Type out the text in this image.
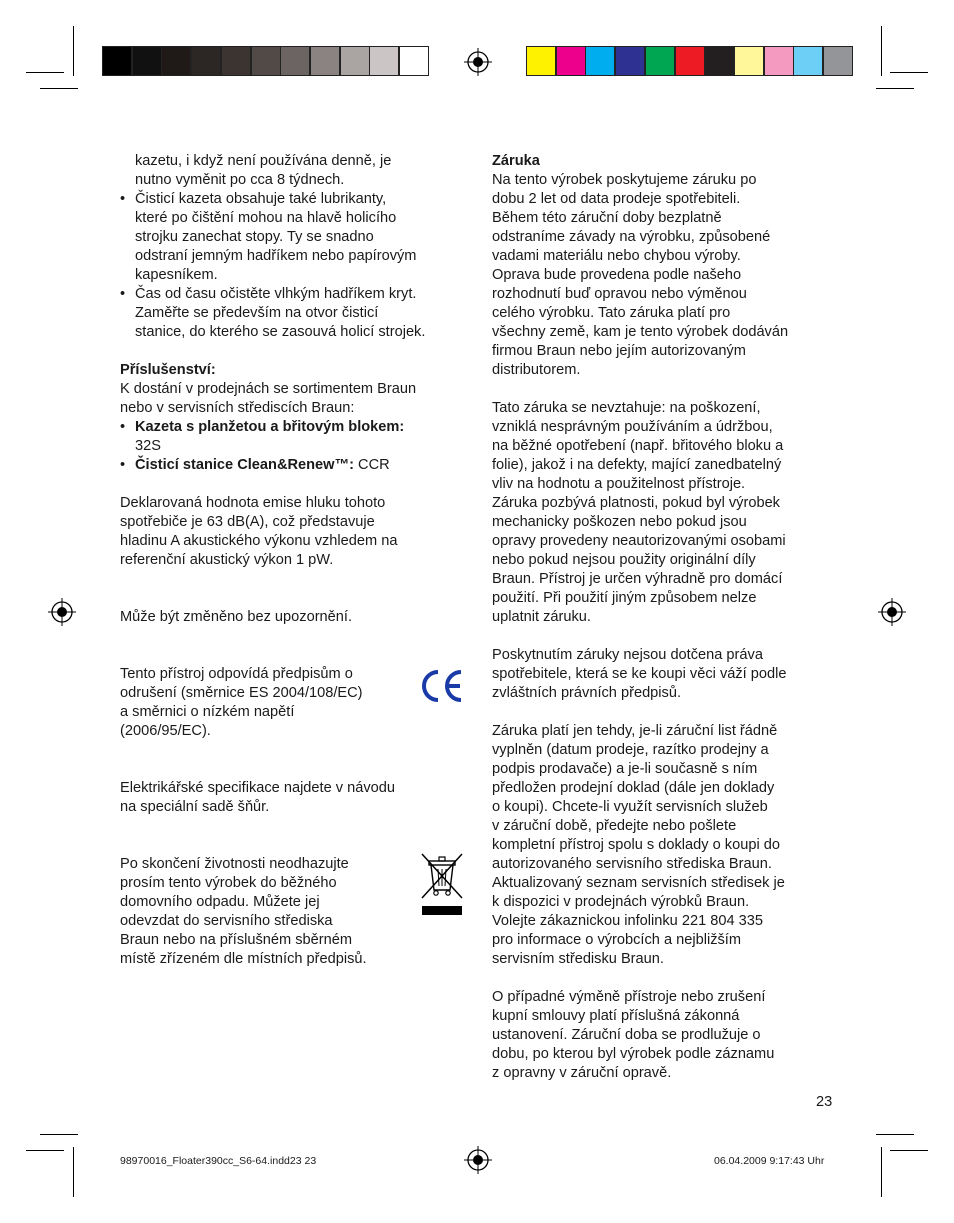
kazetu, i když není používána denně, je

nutno vyměnit po cca 8 týdnech.

• Čisticí kazeta obsahuje také lubrikanty,

které po čištění mohou na hlavě holicího

strojku zanechat stopy. Ty se snadno

odstraní jemným hadříkem nebo papírovým

kapesníkem.

• Čas od času očistěte vlhkým hadříkem kryt.

Zaměřte se především na otvor čisticí

stanice, do kterého se zasouvá holicí strojek.

Příslušenství:

K dostání v prodejnách se sortimentem Braun

nebo v servisních střediscích Braun:

• Kazeta s planžetou a břitovým blokem:

32S

• Čisticí stanice Clean&Renew™: CCR

Deklarovaná hodnota emise hluku tohoto

spotřebiče je 63 dB(A), což představuje

hladinu A akustického výkonu vzhledem na

referenční akustický výkon 1 pW.

Může být změněno bez upozornění.

Tento přístroj odpovídá předpisům o

odrušení (směrnice ES 2004/108/EC)

a směrnici o nízkém napětí

(2006/95/EC).

Elektrikářské specifikace najdete v návodu

na speciální sadě šňůr.

Po skončení životnosti neodhazujte

prosím tento výrobek do běžného

domovního odpadu. Můžete jej

odevzdat do servisního střediska

Braun nebo na příslušném sběrném

místě zřízeném dle místních předpisů.

Záruka

Na tento výrobek poskytujeme záruku po

dobu 2 let od data prodeje spotřebiteli.

Během této záruční doby bezplatně

odstraníme závady na výrobku, způsobené

vadami materiálu nebo chybou výroby.

Oprava bude provedena podle našeho

rozhodnutí buď opravou nebo výměnou

celého výrobku. Tato záruka platí pro

všechny země, kam je tento výrobek dodáván

firmou Braun nebo jejím autorizovaným

distributorem.

Tato záruka se nevztahuje: na poškození,

vzniklá nesprávným používáním a údržbou,

na běžné opotřebení (např. břitového bloku a

folie), jakož i na defekty, mající zanedbatelný

vliv na hodnotu a použitelnost přístroje.

Záruka pozbývá platnosti, pokud byl výrobek

mechanicky poškozen nebo pokud jsou

opravy provedeny neautorizovanými osobami

nebo pokud nejsou použity originální díly

Braun. Přístroj je určen výhradně pro domácí

použití. Při použití jiným způsobem nelze

uplatnit záruku.

Poskytnutím záruky nejsou dotčena práva

spotřebitele, která se ke koupi věci váží podle

zvláštních právních předpisů.

Záruka platí jen tehdy, je-li záruční list řádně

vyplněn (datum prodeje, razítko prodejny a

podpis prodavače) a je-li současně s ním

předložen prodejní doklad (dále jen doklady

o koupi). Chcete-li využít servisních služeb

v záruční době, předejte nebo pošlete

kompletní přístroj spolu s doklady o koupi do

autorizovaného servisního střediska Braun.

Aktualizovaný seznam servisních středisek je

k dispozici v prodejnách výrobků Braun.

Volejte zákaznickou infolinku 221 804 335

pro informace o výrobcích a nejbližším

servisním středisku Braun.

O případné výměně přístroje nebo zrušení

kupní smlouvy platí příslušná zákonná

ustanovení. Záruční doba se prodlužuje o

dobu, po kterou byl výrobek podle záznamu

z opravny v záruční opravě.

23
98970016_Floater390cc_S6-64.indd23 23	06.04.2009 9:17:43 Uhr
